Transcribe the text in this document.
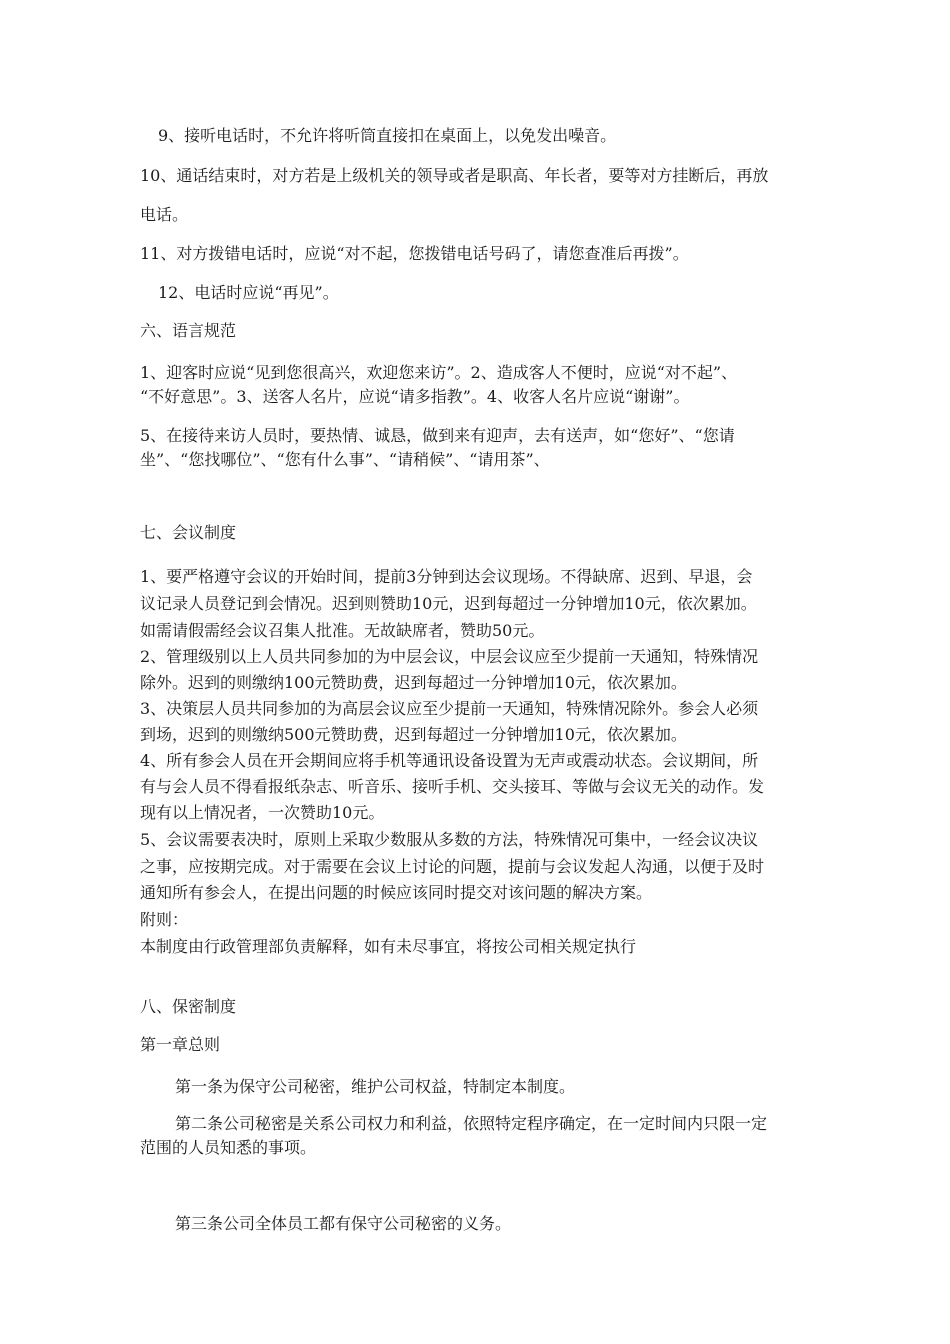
9、接听电话时，不允许将听筒直接扣在桌面上，以免发出噪音。
10、通话结束时，对方若是上级机关的领导或者是职高、年长者，要等对方挂断后，再放
电话。
11、对方拨错电话时，应说“对不起，您拨错电话号码了，请您查准后再拨”。
12、电话时应说“再见”。
六、语言规范
1、迎客时应说“见到您很高兴，欢迎您来访”。2、造成客人不便时，应说“对不起”、
“不好意思”。3、送客人名片，应说“请多指教”。4、收客人名片应说“谢谢”。
5、在接待来访人员时，要热情、诚恳，做到来有迎声，去有送声，如“您好”、“您请
坐”、“您找哪位”、“您有什么事”、“请稍候”、“请用茶”、
七、会议制度
1、要严格遵守会议的开始时间，提前3分钟到达会议现场。不得缺席、迟到、早退，会
议记录人员登记到会情况。迟到则赞助10元，迟到每超过一分钟增加10元，依次累加。
如需请假需经会议召集人批准。无故缺席者，赞助50元。
2、管理级别以上人员共同参加的为中层会议，中层会议应至少提前一天通知，特殊情况
除外。迟到的则缴纳100元赞助费，迟到每超过一分钟增加10元，依次累加。
3、决策层人员共同参加的为高层会议应至少提前一天通知，特殊情况除外。参会人必须
到场，迟到的则缴纳500元赞助费，迟到每超过一分钟增加10元，依次累加。
4、所有参会人员在开会期间应将手机等通讯设备设置为无声或震动状态。会议期间，所
有与会人员不得看报纸杂志、听音乐、接听手机、交头接耳、等做与会议无关的动作。发
现有以上情况者，一次赞助10元。
5、会议需要表决时，原则上采取少数服从多数的方法，特殊情况可集中，一经会议决议
之事，应按期完成。对于需要在会议上讨论的问题，提前与会议发起人沟通，以便于及时
通知所有参会人，在提出问题的时候应该同时提交对该问题的解决方案。
附则：
本制度由行政管理部负责解释，如有未尽事宜，将按公司相关规定执行
八、保密制度
第一章总则
第一条为保守公司秘密，维护公司权益，特制定本制度。
第二条公司秘密是关系公司权力和利益，依照特定程序确定，在一定时间内只限一定
范围的人员知悉的事项。
第三条公司全体员工都有保守公司秘密的义务。
